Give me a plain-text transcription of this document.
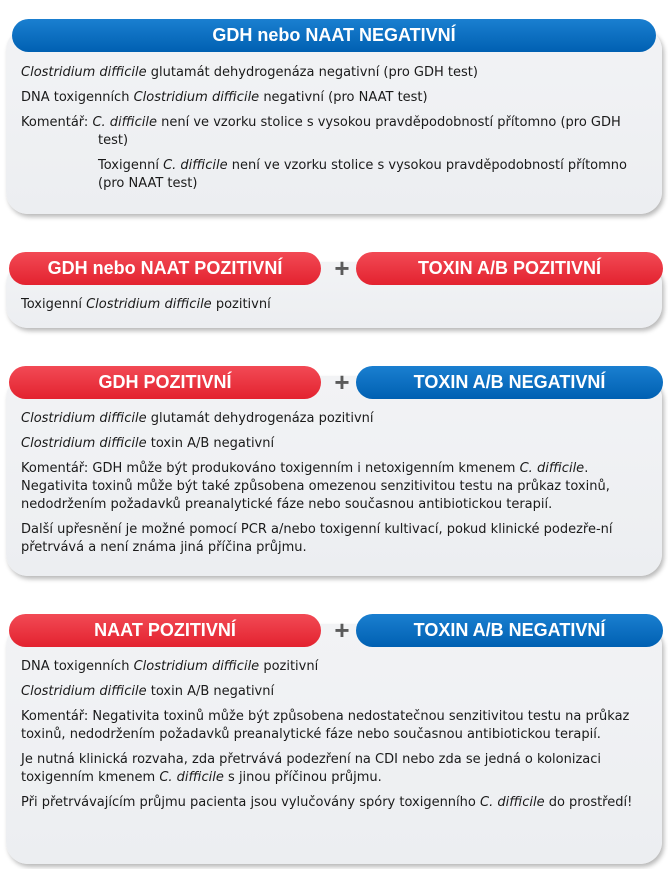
GDH nebo NAAT NEGATIVNÍ

Clostridium difficile glutamát dehydrogenáza negativní (pro GDH test)

DNA toxigenních Clostridium difficile negativní (pro NAAT test)

Komentář: C. difficile není ve vzorku stolice s vysokou pravděpodobností přítomno (pro GDH test)

Toxigenní C. difficile není ve vzorku stolice s vysokou pravděpodobností přítomno (pro NAAT test)

GDH nebo NAAT POZITIVNÍ	+	TOXIN A/B POZITIVNÍ

Toxigenní Clostridium difficile pozitivní

GDH POZITIVNÍ	+	TOXIN A/B NEGATIVNÍ

Clostridium difficile glutamát dehydrogenáza pozitivní

Clostridium difficile toxin A/B negativní

Komentář: GDH může být produkováno toxigenním i netoxigenním kmenem C. difficile. Negativita toxinů může být také způsobena omezenou senzitivitou testu na průkaz toxinů, nedodržením požadavků preanalytické fáze nebo současnou antibiotickou terapií.

Další upřesnění je možné pomocí PCR a/nebo toxigenní kultivací, pokud klinické podezře-ní přetrvává a není známa jiná příčina průjmu.

NAAT POZITIVNÍ	+	TOXIN A/B NEGATIVNÍ

DNA toxigenních Clostridium difficile pozitivní

Clostridium difficile toxin A/B negativní

Komentář: Negativita toxinů může být způsobena nedostatečnou senzitivitou testu na průkaz toxinů, nedodržením požadavků preanalytické fáze nebo současnou antibiotickou terapií.

Je nutná klinická rozvaha, zda přetrvává podezření na CDI nebo zda se jedná o kolonizaci toxigenním kmenem C. difficile s jinou příčinou průjmu.

Při přetrvávajícím průjmu pacienta jsou vylučovány spóry toxigenního C. difficile do prostředí!
